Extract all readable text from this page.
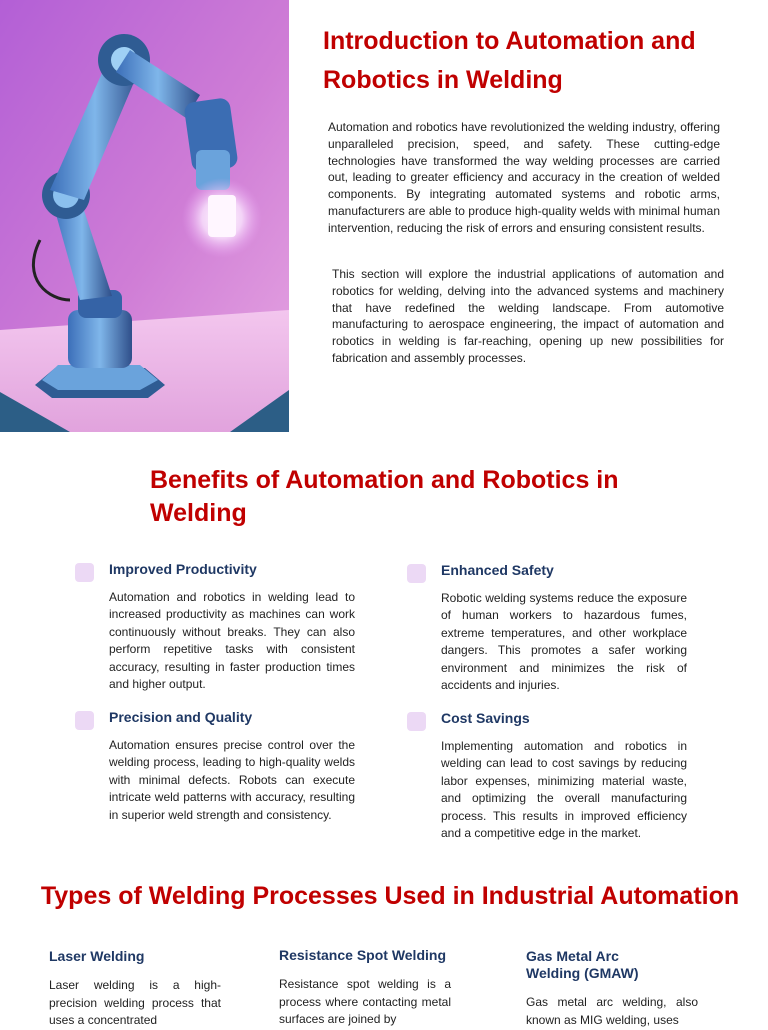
Introduction to Automation and Robotics in Welding

Automation and robotics have revolutionized the welding industry, offering unparalleled precision, speed, and safety. These cutting-edge technologies have transformed the way welding processes are carried out, leading to greater efficiency and accuracy in the creation of welded components. By integrating automated systems and robotic arms, manufacturers are able to produce high-quality welds with minimal human intervention, reducing the risk of errors and ensuring consistent results.

This section will explore the industrial applications of automation and robotics for welding, delving into the advanced systems and machinery that have redefined the welding landscape. From automotive manufacturing to aerospace engineering, the impact of automation and robotics in welding is far-reaching, opening up new possibilities for fabrication and assembly processes.

Benefits of Automation and Robotics in Welding
Improved Productivity

Automation and robotics in welding lead to increased productivity as machines can work continuously without breaks. They can also perform repetitive tasks with consistent accuracy, resulting in faster production times and higher output.

Enhanced Safety

Robotic welding systems reduce the exposure of human workers to hazardous fumes, extreme temperatures, and other workplace dangers. This promotes a safer working environment and minimizes the risk of accidents and injuries.

Precision and Quality

Automation ensures precise control over the welding process, leading to high-quality welds with minimal defects. Robots can execute intricate weld patterns with accuracy, resulting in superior weld strength and consistency.

Cost Savings

Implementing automation and robotics in welding can lead to cost savings by reducing labor expenses, minimizing material waste, and optimizing the overall manufacturing process. This results in improved efficiency and a competitive edge in the market.

Types of Welding Processes Used in Industrial Automation
Laser Welding

Laser welding is a high-precision welding process that uses a concentrated

Resistance Spot Welding

Resistance spot welding is a process where contacting metal surfaces are joined by

Gas Metal Arc Welding (GMAW)

Gas metal arc welding, also known as MIG welding, uses
